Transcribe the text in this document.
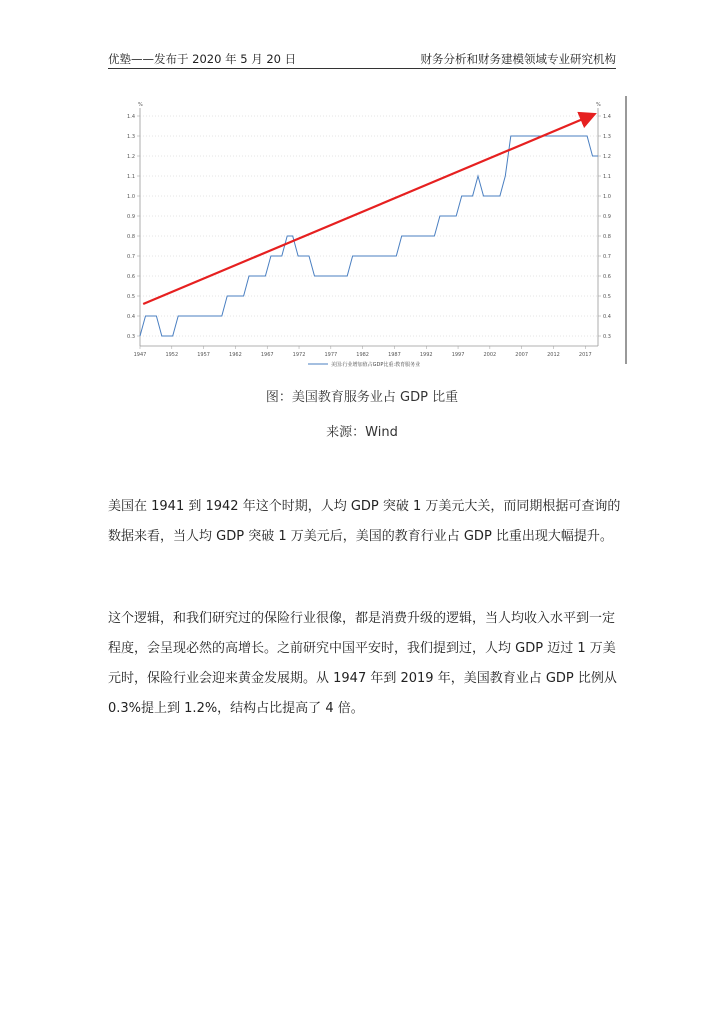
优塾——发布于 2020 年 5 月 20 日	财务分析和财务建模领域专业研究机构
%	%
0.3	0.3
0.4	0.4
0.5	0.5
0.6	0.6
0.7	0.7
0.8	0.8
0.9	0.9
1.0	1.0
1.1	1.1
1.2	1.2
1.3	1.3
1.4	1.4
1947	1952	1957	1962	1967	1972	1977	1982	1987	1992	1997	2002	2007	2012	2017
美国:行业增加值占GDP比重:教育服务业
图：美国教育服务业占 GDP 比重
来源：Wind

美国在 1941 到 1942 年这个时期，人均 GDP 突破 1 万美元大关，而同期根据可查询的
数据来看，当人均 GDP 突破 1 万美元后，美国的教育行业占 GDP 比重出现大幅提升。

这个逻辑，和我们研究过的保险行业很像，都是消费升级的逻辑，当人均收入水平到一定
程度，会呈现必然的高增长。之前研究中国平安时，我们提到过，人均 GDP 迈过 1 万美
元时，保险行业会迎来黄金发展期。从 1947 年到 2019 年，美国教育业占 GDP 比例从
0.3%提上到 1.2%，结构占比提高了 4 倍。
